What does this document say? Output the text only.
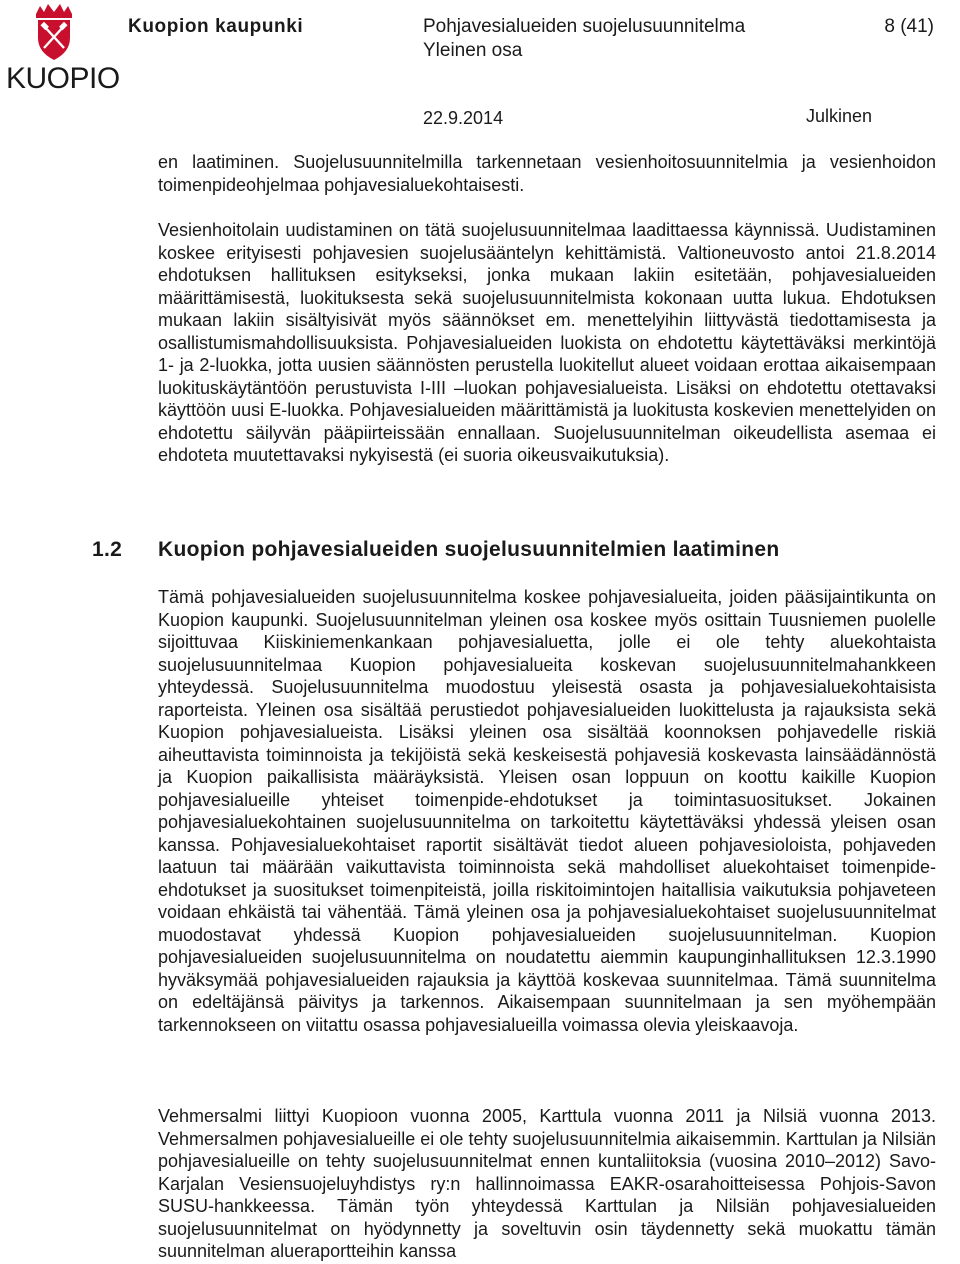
KUOPIO
Kuopion kaupunki	Pohjavesialueiden suojelusuunnitelma
Yleinen osa
8 (41)
22.9.2014	Julkinen

en laatiminen. Suojelusuunnitelmilla tarkennetaan vesienhoitosuunnitelmia ja vesienhoidon toimenpideohjelmaa pohjavesialuekohtaisesti.

Vesienhoitolain uudistaminen on tätä suojelusuunnitelmaa laadittaessa käynnissä. Uudistaminen koskee erityisesti pohjavesien suojelusääntelyn kehittämistä. Valtioneuvosto antoi 21.8.2014 ehdotuksen hallituksen esitykseksi, jonka mukaan lakiin esitetään, pohjavesialueiden määrittämisestä, luokituksesta sekä suojelusuunnitelmista kokonaan uutta lukua. Ehdotuksen mukaan lakiin sisältyisivät myös säännökset em. menettelyihin liittyvästä tiedottamisesta ja osallistumismahdollisuuksista. Pohjavesialueiden luokista on ehdotettu käytettäväksi merkintöjä 1- ja 2-luokka, jotta uusien säännösten perustella luokitellut alueet voidaan erottaa aikaisempaan luokituskäytäntöön perustuvista I-III –luokan pohjavesialueista. Lisäksi on ehdotettu otettavaksi käyttöön uusi E-luokka. Pohjavesialueiden määrittämistä ja luokitusta koskevien menettelyiden on ehdotettu säilyvän pääpiirteissään ennallaan. Suojelusuunnitelman oikeudellista asemaa ei ehdoteta muutettavaksi nykyisestä (ei suoria oikeusvaikutuksia).

1.2 Kuopion pohjavesialueiden suojelusuunnitelmien laatiminen

Tämä pohjavesialueiden suojelusuunnitelma koskee pohjavesialueita, joiden pääsijaintikunta on Kuopion kaupunki. Suojelusuunnitelman yleinen osa koskee myös osittain Tuusniemen puolelle sijoittuvaa Kiiskiniemenkankaan pohjavesialuetta, jolle ei ole tehty aluekohtaista suojelusuunnitelmaa Kuopion pohjavesialueita koskevan suojelusuunnitelmahankkeen yhteydessä. Suojelusuunnitelma muodostuu yleisestä osasta ja pohjavesialuekohtaisista raporteista. Yleinen osa sisältää perustiedot pohjavesialueiden luokittelusta ja rajauksista sekä Kuopion pohjavesialueista. Lisäksi yleinen osa sisältää koonnoksen pohjavedelle riskiä aiheuttavista toiminnoista ja tekijöistä sekä keskeisestä pohjavesiä koskevasta lainsäädännöstä ja Kuopion paikallisista määräyksistä. Yleisen osan loppuun on koottu kaikille Kuopion pohjavesialueille yhteiset toimenpide-ehdotukset ja toimintasuositukset. Jokainen pohjavesialuekohtainen suojelusuunnitelma on tarkoitettu käytettäväksi yhdessä yleisen osan kanssa. Pohjavesialuekohtaiset raportit sisältävät tiedot alueen pohjavesioloista, pohjaveden laatuun tai määrään vaikuttavista toiminnoista sekä mahdolliset aluekohtaiset toimenpide-ehdotukset ja suositukset toimenpiteistä, joilla riskitoimintojen haitallisia vaikutuksia pohjaveteen voidaan ehkäistä tai vähentää. Tämä yleinen osa ja pohjavesialuekohtaiset suojelusuunnitelmat muodostavat yhdessä Kuopion pohjavesialueiden suojelusuunnitelman. Kuopion pohjavesialueiden suojelusuunnitelma on noudatettu aiemmin kaupunginhallituksen 12.3.1990 hyväksymää pohjavesialueiden rajauksia ja käyttöä koskevaa suunnitelmaa. Tämä suunnitelma on edeltäjänsä päivitys ja tarkennos. Aikaisempaan suunnitelmaan ja sen myöhempään tarkennokseen on viitattu osassa pohjavesialueilla voimassa olevia yleiskaavoja.

Vehmersalmi liittyi Kuopioon vuonna 2005, Karttula vuonna 2011 ja Nilsiä vuonna 2013. Vehmersalmen pohjavesialueille ei ole tehty suojelusuunnitelmia aikaisemmin. Karttulan ja Nilsiän pohjavesialueille on tehty suojelusuunnitelmat ennen kuntaliitoksia (vuosina 2010–2012) Savo-Karjalan Vesiensuojeluyhdistys ry:n hallinnoimassa EAKR-osarahoitteisessa Pohjois-Savon SUSU-hankkeessa. Tämän työn yhteydessä Karttulan ja Nilsiän pohjavesialueiden suojelusuunnitelmat on hyödynnetty ja soveltuvin osin täydennetty sekä muokattu tämän suunnitelman alueraportteihin kanssa
